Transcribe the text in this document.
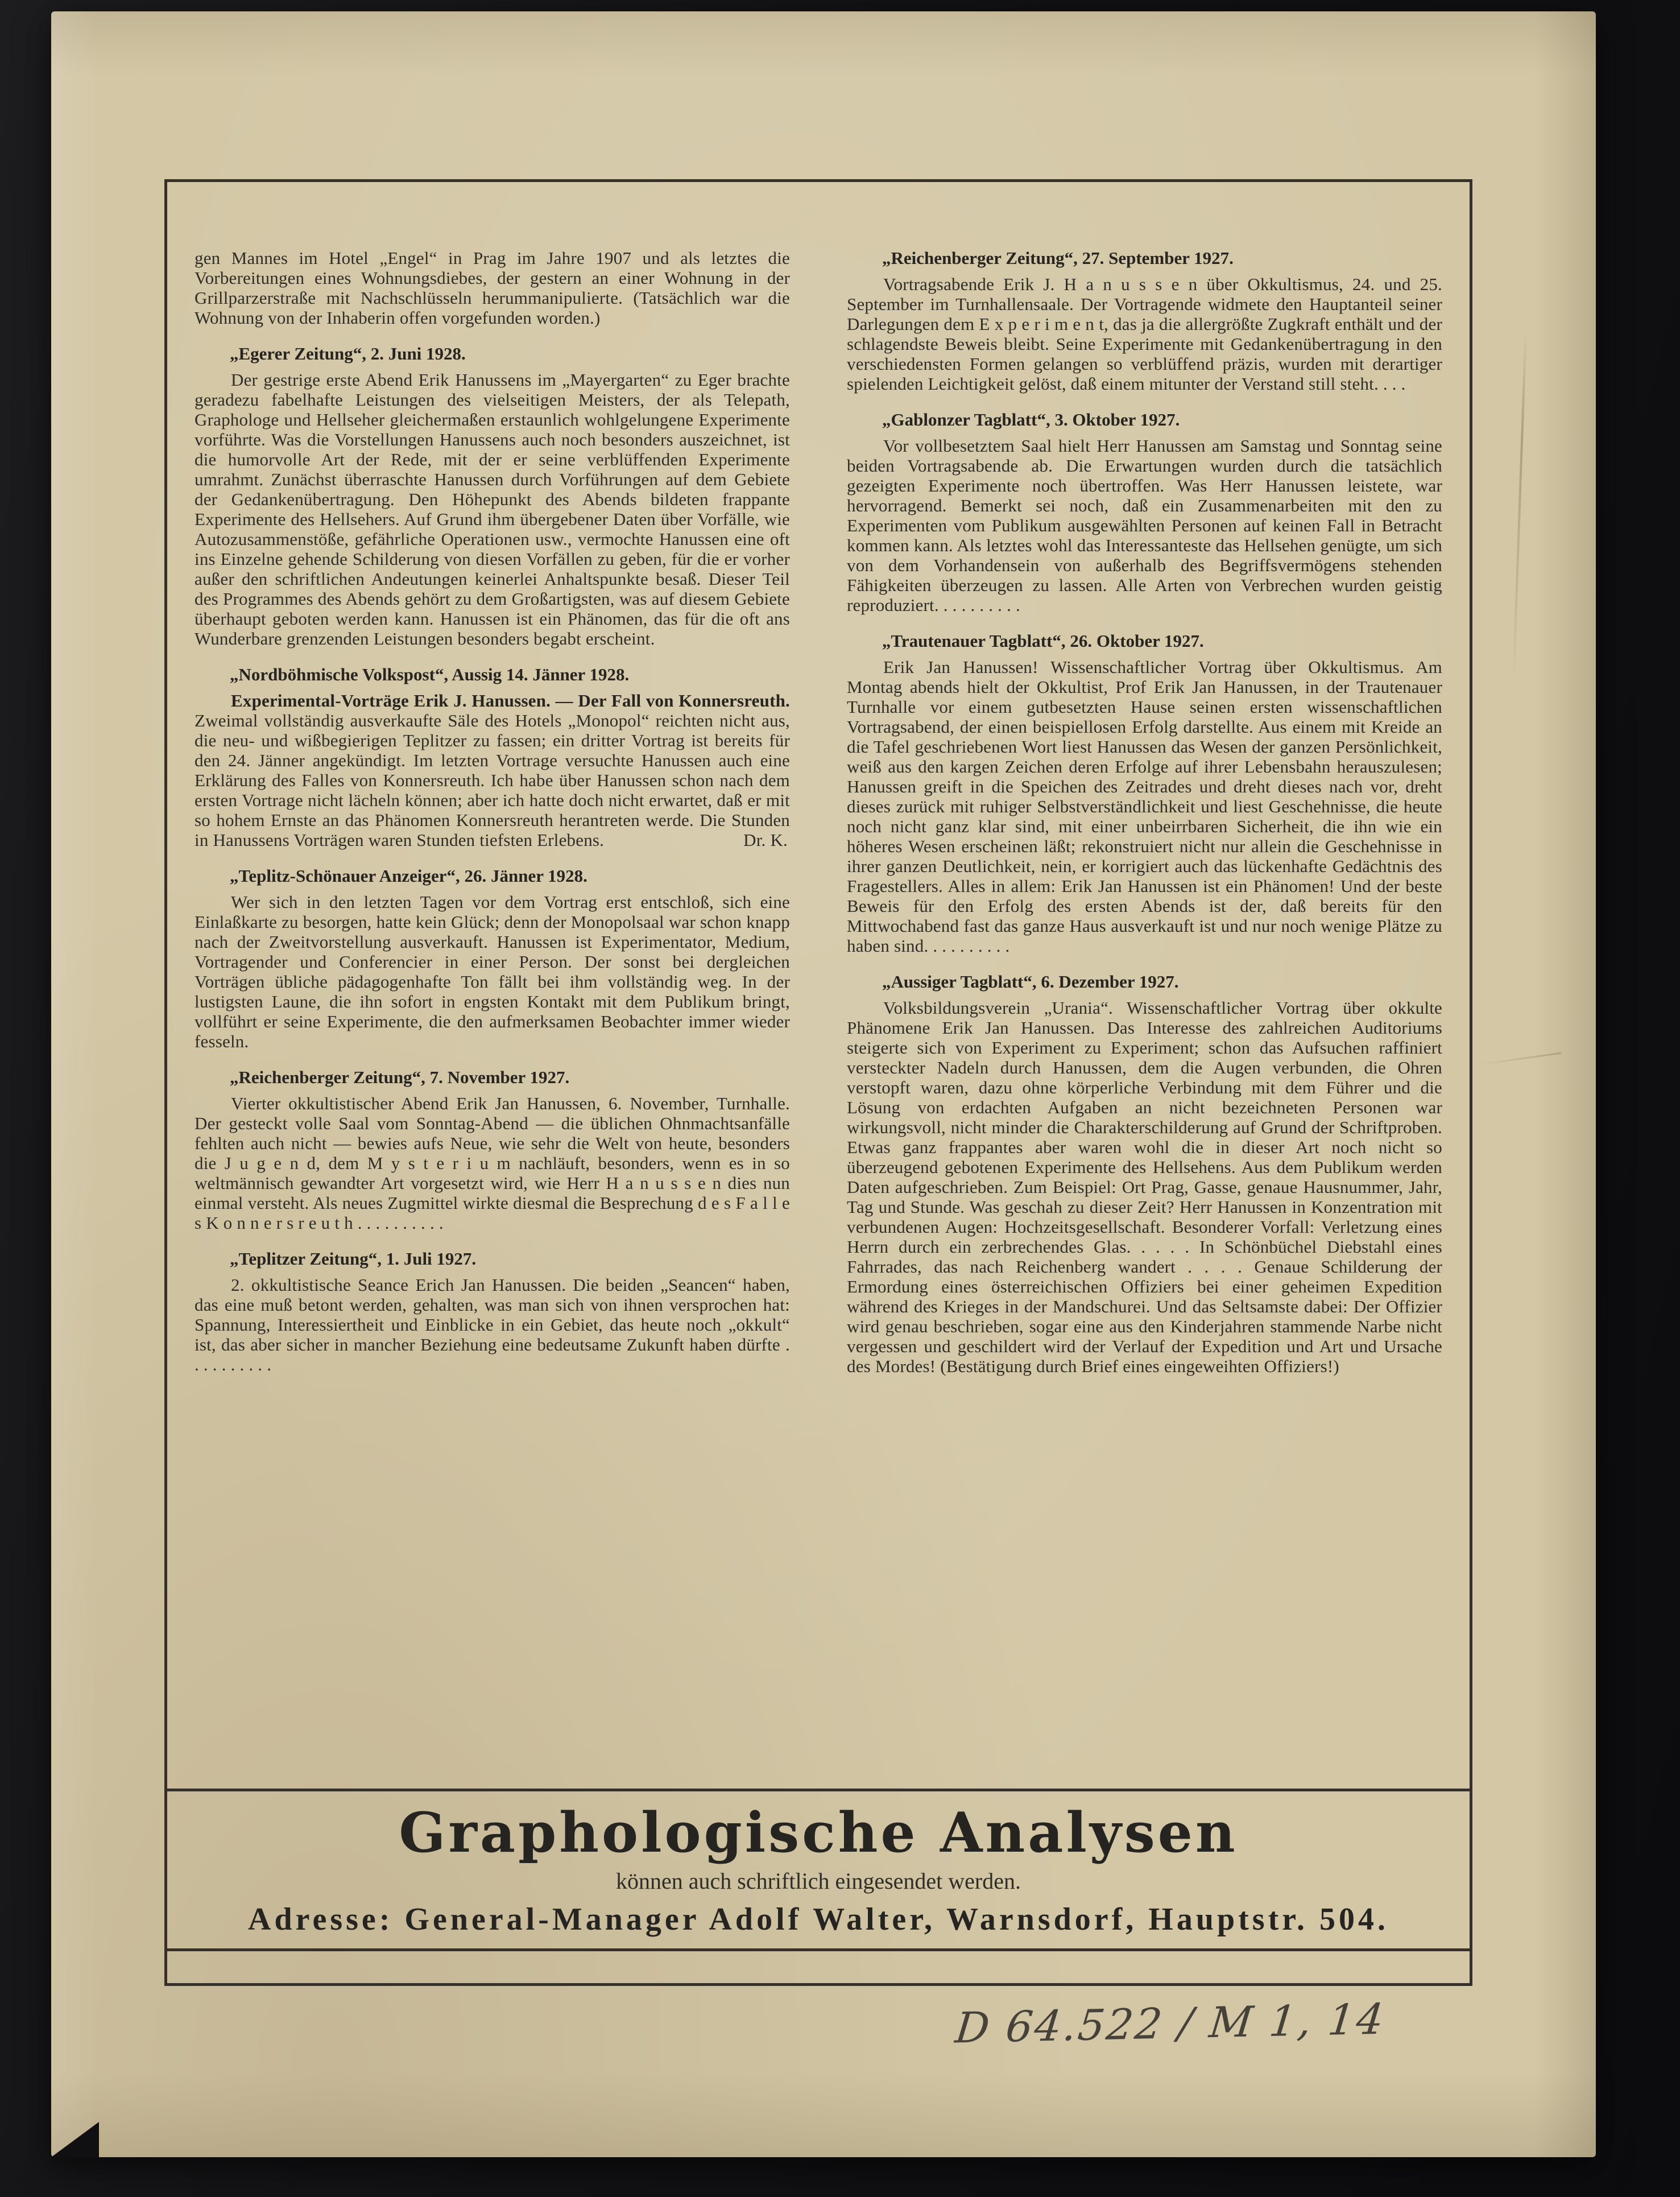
gen Mannes im Hotel „Engel“ in Prag im Jahre 1907 und als letztes die Vorbereitungen eines Wohnungsdiebes, der gestern an einer Wohnung in der Grillparzerstraße mit Nachschlüsseln herummanipulierte. (Tatsächlich war die Wohnung von der Inhaberin offen vorgefunden worden.)

„Egerer Zeitung“, 2. Juni 1928.

Der gestrige erste Abend Erik Hanussens im „Mayergarten“ zu Eger brachte geradezu fabelhafte Leistungen des vielseitigen Meisters, der als Telepath, Graphologe und Hellseher gleichermaßen erstaunlich wohlgelungene Experimente vorführte. Was die Vorstellungen Hanussens auch noch besonders auszeichnet, ist die humorvolle Art der Rede, mit der er seine verblüffenden Experimente umrahmt. Zunächst überraschte Hanussen durch Vorführungen auf dem Gebiete der Gedankenübertragung. Den Höhepunkt des Abends bildeten frappante Experimente des Hellsehers. Auf Grund ihm übergebener Daten über Vorfälle, wie Autozusammenstöße, gefährliche Operationen usw., vermochte Hanussen eine oft ins Einzelne gehende Schilderung von diesen Vorfällen zu geben, für die er vorher außer den schriftlichen Andeutungen keinerlei Anhaltspunkte besaß. Dieser Teil des Programmes des Abends gehört zu dem Großartigsten, was auf diesem Gebiete überhaupt geboten werden kann. Hanussen ist ein Phänomen, das für die oft ans Wunderbare grenzenden Leistungen besonders begabt erscheint.

„Nordböhmische Volkspost“, Aussig 14. Jänner 1928.

Experimental-Vorträge Erik J. Hanussen. — Der Fall von Konnersreuth. Zweimal vollständig ausverkaufte Säle des Hotels „Monopol“ reichten nicht aus, die neu- und wißbegierigen Teplitzer zu fassen; ein dritter Vortrag ist bereits für den 24. Jänner angekündigt. Im letzten Vortrage versuchte Hanussen auch eine Erklärung des Falles von Konnersreuth. Ich habe über Hanussen schon nach dem ersten Vortrage nicht lächeln können; aber ich hatte doch nicht erwartet, daß er mit so hohem Ernste an das Phänomen Konnersreuth herantreten werde. Die Stunden in Hanussens Vorträgen waren Stunden tiefsten Erlebens.	Dr. K.

„Teplitz-Schönauer Anzeiger“, 26. Jänner 1928.

Wer sich in den letzten Tagen vor dem Vortrag erst entschloß, sich eine Einlaßkarte zu besorgen, hatte kein Glück; denn der Monopolsaal war schon knapp nach der Zweitvorstellung ausverkauft. Hanussen ist Experimentator, Medium, Vortragender und Conferencier in einer Person. Der sonst bei dergleichen Vorträgen übliche pädagogenhafte Ton fällt bei ihm vollständig weg. In der lustigsten Laune, die ihn sofort in engsten Kontakt mit dem Publikum bringt, vollführt er seine Experimente, die den aufmerksamen Beobachter immer wieder fesseln.

„Reichenberger Zeitung“, 7. November 1927.

Vierter okkultistischer Abend Erik Jan Hanussen, 6. November, Turnhalle. Der gesteckt volle Saal vom Sonntag-Abend — die üblichen Ohnmachtsanfälle fehlten auch nicht — bewies aufs Neue, wie sehr die Welt von heute, besonders die J u g e n d, dem M y s t e r i u m nachläuft, besonders, wenn es in so weltmännisch gewandter Art vorgesetzt wird, wie Herr H a n u s s e n dies nun einmal versteht. Als neues Zugmittel wirkte diesmal die Besprechung d e s F a l l e s K o n n e r s r e u t h . . . . . . . . . .

„Teplitzer Zeitung“, 1. Juli 1927.

2. okkultistische Seance Erich Jan Hanussen. Die beiden „Seancen“ haben, das eine muß betont werden, gehalten, was man sich von ihnen versprochen hat: Spannung, Interessiertheit und Einblicke in ein Gebiet, das heute noch „okkult“ ist, das aber sicher in mancher Beziehung eine bedeutsame Zukunft haben dürfte . . . . . . . . . .

„Reichenberger Zeitung“, 27. September 1927.

Vortragsabende Erik J. H a n u s s e n über Okkultismus, 24. und 25. September im Turnhallensaale. Der Vortragende widmete den Hauptanteil seiner Darlegungen dem E x p e r i m e n t, das ja die allergrößte Zugkraft enthält und der schlagendste Beweis bleibt. Seine Experimente mit Gedankenübertragung in den verschiedensten Formen gelangen so verblüffend präzis, wurden mit derartiger spielenden Leichtigkeit gelöst, daß einem mitunter der Verstand still steht. . . .

„Gablonzer Tagblatt“, 3. Oktober 1927.

Vor vollbesetztem Saal hielt Herr Hanussen am Samstag und Sonntag seine beiden Vortragsabende ab. Die Erwartungen wurden durch die tatsächlich gezeigten Experimente noch übertroffen. Was Herr Hanussen leistete, war hervorragend. Bemerkt sei noch, daß ein Zusammenarbeiten mit den zu Experimenten vom Publikum ausgewählten Personen auf keinen Fall in Betracht kommen kann. Als letztes wohl das Interessanteste das Hellsehen genügte, um sich von dem Vorhandensein von außerhalb des Begriffsvermögens stehenden Fähigkeiten überzeugen zu lassen. Alle Arten von Verbrechen wurden geistig reproduziert. . . . . . . . . .

„Trautenauer Tagblatt“, 26. Oktober 1927.

Erik Jan Hanussen! Wissenschaftlicher Vortrag über Okkultismus. Am Montag abends hielt der Okkultist, Prof Erik Jan Hanussen, in der Trautenauer Turnhalle vor einem gutbesetzten Hause seinen ersten wissenschaftlichen Vortragsabend, der einen beispiellosen Erfolg darstellte. Aus einem mit Kreide an die Tafel geschriebenen Wort liest Hanussen das Wesen der ganzen Persönlichkeit, weiß aus den kargen Zeichen deren Erfolge auf ihrer Lebensbahn herauszulesen; Hanussen greift in die Speichen des Zeitrades und dreht dieses nach vor, dreht dieses zurück mit ruhiger Selbstverständlichkeit und liest Geschehnisse, die heute noch nicht ganz klar sind, mit einer unbeirrbaren Sicherheit, die ihn wie ein höheres Wesen erscheinen läßt; rekonstruiert nicht nur allein die Geschehnisse in ihrer ganzen Deutlichkeit, nein, er korrigiert auch das lückenhafte Gedächtnis des Fragestellers. Alles in allem: Erik Jan Hanussen ist ein Phänomen! Und der beste Beweis für den Erfolg des ersten Abends ist der, daß bereits für den Mittwochabend fast das ganze Haus ausverkauft ist und nur noch wenige Plätze zu haben sind. . . . . . . . . .

„Aussiger Tagblatt“, 6. Dezember 1927.

Volksbildungsverein „Urania“. Wissenschaftlicher Vortrag über okkulte Phänomene Erik Jan Hanussen. Das Interesse des zahlreichen Auditoriums steigerte sich von Experiment zu Experiment; schon das Aufsuchen raffiniert versteckter Nadeln durch Hanussen, dem die Augen verbunden, die Ohren verstopft waren, dazu ohne körperliche Verbindung mit dem Führer und die Lösung von erdachten Aufgaben an nicht bezeichneten Personen war wirkungsvoll, nicht minder die Charakterschilderung auf Grund der Schriftproben. Etwas ganz frappantes aber waren wohl die in dieser Art noch nicht so überzeugend gebotenen Experimente des Hellsehens. Aus dem Publikum werden Daten aufgeschrieben. Zum Beispiel: Ort Prag, Gasse, genaue Hausnummer, Jahr, Tag und Stunde. Was geschah zu dieser Zeit? Herr Hanussen in Konzentration mit verbundenen Augen: Hochzeitsgesellschaft. Besonderer Vorfall: Verletzung eines Herrn durch ein zerbrechendes Glas. . . . . In Schönbüchel Diebstahl eines Fahrrades, das nach Reichenberg wandert . . . . Genaue Schilderung der Ermordung eines österreichischen Offiziers bei einer geheimen Expedition während des Krieges in der Mandschurei. Und das Seltsamste dabei: Der Offizier wird genau beschrieben, sogar eine aus den Kinderjahren stammende Narbe nicht vergessen und geschildert wird der Verlauf der Expedition und Art und Ursache des Mordes! (Bestätigung durch Brief eines eingeweihten Offiziers!)

Graphologische Analysen
können auch schriftlich eingesendet werden.
Adresse: General-Manager Adolf Walter, Warnsdorf, Hauptstr. 504.
D 64.522 / M 1, 14
